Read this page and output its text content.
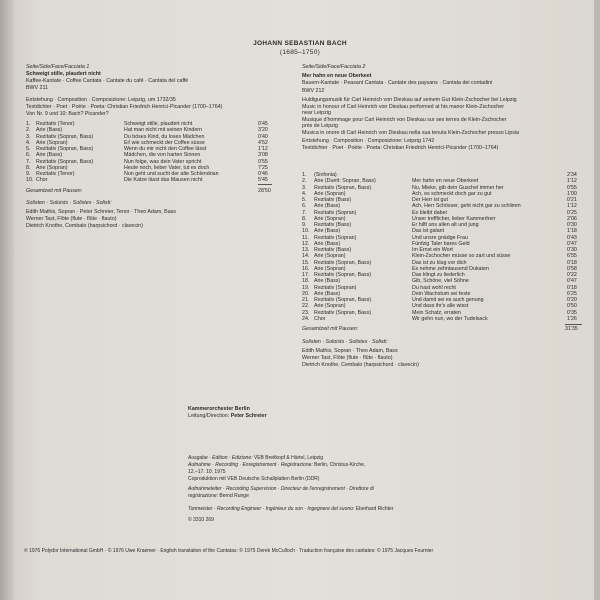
JOHANN SEBASTIAN BACH
(1685–1750)
Seite/Side/Face/Facciata 1
Schweigt stille, plaudert nicht
Kaffee-Kantate · Coffee Cantata · Cantate du café · Cantata del caffè
BWV 211
Entstehung · Composition · Composizione: Leipzig, um 1732/35
Textdichter · Poet · Poète · Poeta: Christian Friedrich Henrici-Picander (1700–1764)
Von Nr. 9 und 10: Bach? Picander?
1. Rezitativ (Tenor)	Schweigt stille, plaudert nicht	0'45
2. Arie (Bass)	Hat man nicht mit seinen Kindern	3'20
3. Rezitativ (Sopran, Bass)	Du böses Kind, du loses Mädchen	0'40
4. Arie (Sopran)	Ei! wie schmeckt der Coffee süsse	4'52
5. Rezitativ (Sopran, Bass)	Wenn du mir nicht den Coffee lässt	1'12
6. Arie (Bass)	Mädchen, die von harten Sinnen	3'08
7. Rezitativ (Sopran, Bass)	Nun folge, was dein Vater spricht	0'55
8. Arie (Sopran)	Heute noch, lieber Vater, tut es doch	7'25
9. Rezitativ (Tenor)	Nun geht und sucht der alte Schlendrian	0'46
10. Chor	Die Katze lässt das Mausen nicht	5'45
Gesamtzeit mit Pausen:	28'50
Solisten · Soloists · Solistes · Solisti:
Edith Mathis, Sopran · Peter Schreier, Tenor · Theo Adam, Bass
Werner Tast, Flöte (flute · flûte · flauto)
Dietrich Knothe, Cembalo (harpsichord · clavecin)
Seite/Side/Face/Facciata 2
Mer hahn en neue Oberkeet
Bauern-Kantate · Peasant Cantata · Cantate des paysans · Cantata dei contadini
BWV 212
Huldigungsmusik für Carl Heinrich von Dieskau auf seinem Gut Klein-Zschocher bei Leipzig
Music in honour of Carl Heinrich von Dieskau performed at his manor Klein-Zschocher
near Leipzig
Musique d'hommage pour Carl Heinrich von Dieskau sur ses terres de Klein-Zschocher
près de Leipzig
Musica in onore di Carl Heinrich von Dieskau nella sua tenuta Klein-Zschocher presso Lipsia
Entstehung · Composition · Composizione: Leipzig 1742
Textdichter · Poet · Poète · Poeta: Christian Friedrich Henrici-Picander (1700–1764)
1. (Sinfonia)	2'34
2. Arie (Duett: Sopran, Bass)	Mer hahn en neue Oberkeet	1'12
3. Rezitativ (Sopran, Bass)	Nu, Mieke, gib dein Guschel immer her	0'55
4. Arie (Sopran)	Ach, es schmeckt doch gar zu gut	1'00
5. Rezitativ (Bass)	Der Herr ist gut	0'21
6. Arie (Bass)	Ach, Herr Schösser, geht nicht gar zu schlimm	1'12
7. Rezitativ (Sopran)	Es bleibt dabei	0'25
8. Arie (Sopran)	Unser trefflicher, lieber Kammerherr	2'06
9. Rezitativ (Bass)	Er hilft uns allen alt und jung	0'30
10. Arie (Bass)	Das ist galant	1'18
11. Rezitativ (Sopran)	Und unsre gnädge Frau	0'43
12. Arie (Bass)	Fünfzig Taler bares Geld	0'47
13. Rezitativ (Bass)	Im Ernst ein Wort	0'30
14. Arie (Sopran)	Klein-Zschocher müsse so zart und süsse	6'55
15. Rezitativ (Sopran, Bass)	Das ist zu klug vor dich	0'18
16. Arie (Sopran)	Es nehme zehntausend Dukaten	0'58
17. Rezitativ (Sopran, Bass)	Das klingt zu liederlich	0'22
18. Arie (Bass)	Gib, Schöne, viel Söhne	0'47
19. Rezitativ (Sopran)	Du hast wohl recht	0'18
20. Arie (Bass)	Dein Wachstum sei feste	6'25
21. Rezitativ (Sopran, Bass)	Und damit sei es auch genung	0'20
22. Arie (Sopran)	Und dass ihr's alle wisst	0'50
23. Rezitativ (Sopran, Bass)	Mein Schatz, erraten	0'35
24. Chor	Wir gehn nun, wo der Tudelsack	1'26
Gesamtzeit mit Pausen:	31'35
Solisten · Soloists · Solistes · Solisti:
Edith Mathis, Sopran · Theo Adam, Bass
Werner Tast, Flöte (flute · flûte · flauto)
Dietrich Knothe, Cembalo (harpsichord · clavecin)
Kammerorchester Berlin
Leitung/Direction: Peter Schreier
Ausgabe · Edition · Edizione: VEB Breitkopf & Härtel, Leipzig
Aufnahme · Recording · Enregistrement · Registrazione: Berlin, Christus-Kirche,
12.–17. 10. 1975
Coproduktion mit VEB Deutsche Schallplatten Berlin (DDR)
Aufnahmeleiter · Recording Supervision · Directeur de l'enregistrement · Direttore di
registrazione: Bernd Runge
Tonmeister · Recording Engineer · Ingénieur du son · Ingegnere del suono: Eberhard Richter
© 3310 269
℗ 1976 Polydor International GmbH · © 1976 Uwe Kraemer · English translation of the Cantatas: © 1975 Derek McCulloch · Traduction française des cantates: © 1975 Jacques Fournier
